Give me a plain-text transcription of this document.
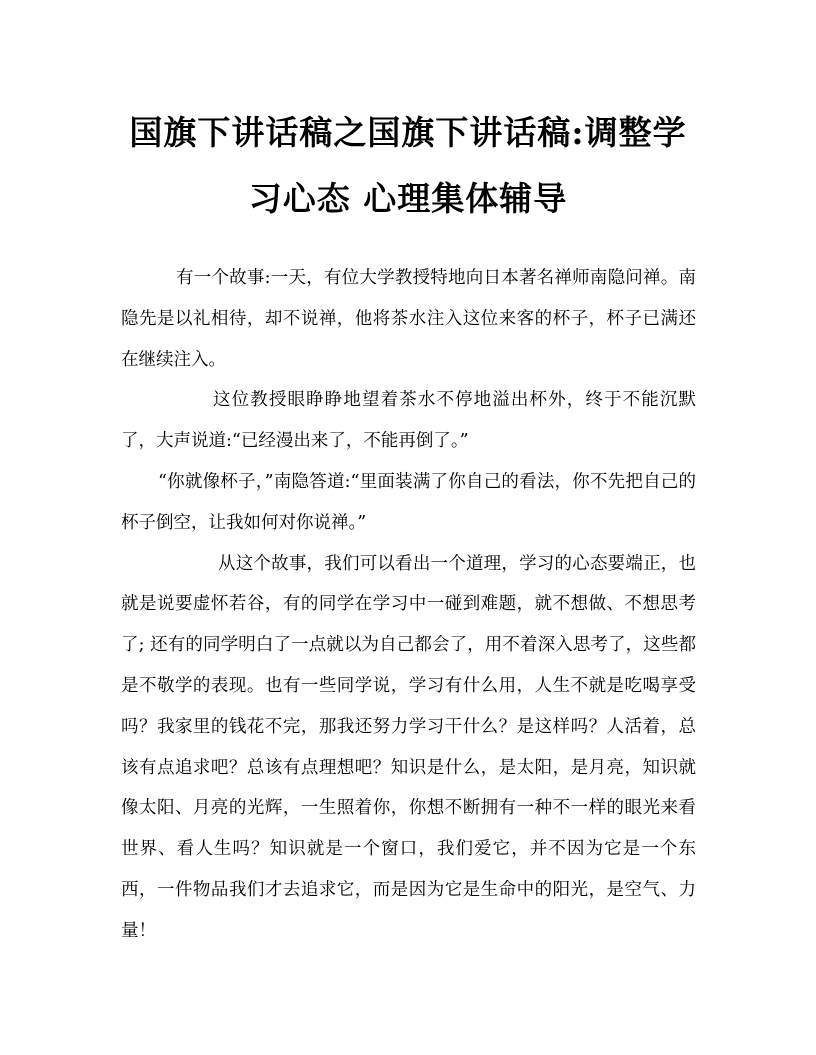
国旗下讲话稿之国旗下讲话稿:调整学
习心态 心理集体辅导

有一个故事:一天，有位大学教授特地向日本著名禅师南隐问禅。南隐先是以礼相待，却不说禅，他将茶水注入这位来客的杯子，杯子已满还在继续注入。

这位教授眼睁睁地望着茶水不停地溢出杯外，终于不能沉默了，大声说道:“已经漫出来了，不能再倒了。”

“你就像杯子，”南隐答道:“里面装满了你自己的看法，你不先把自己的杯子倒空，让我如何对你说禅。”

从这个故事，我们可以看出一个道理，学习的心态要端正，也就是说要虚怀若谷，有的同学在学习中一碰到难题，就不想做、不想思考了; 还有的同学明白了一点就以为自己都会了，用不着深入思考了，这些都是不敬学的表现。也有一些同学说，学习有什么用，人生不就是吃喝享受吗？我家里的钱花不完，那我还努力学习干什么？是这样吗？人活着，总该有点追求吧？总该有点理想吧？知识是什么，是太阳，是月亮，知识就像太阳、月亮的光辉，一生照着你，你想不断拥有一种不一样的眼光来看世界、看人生吗？知识就是一个窗口，我们爱它，并不因为它是一个东西，一件物品我们才去追求它，而是因为它是生命中的阳光，是空气、力量！
